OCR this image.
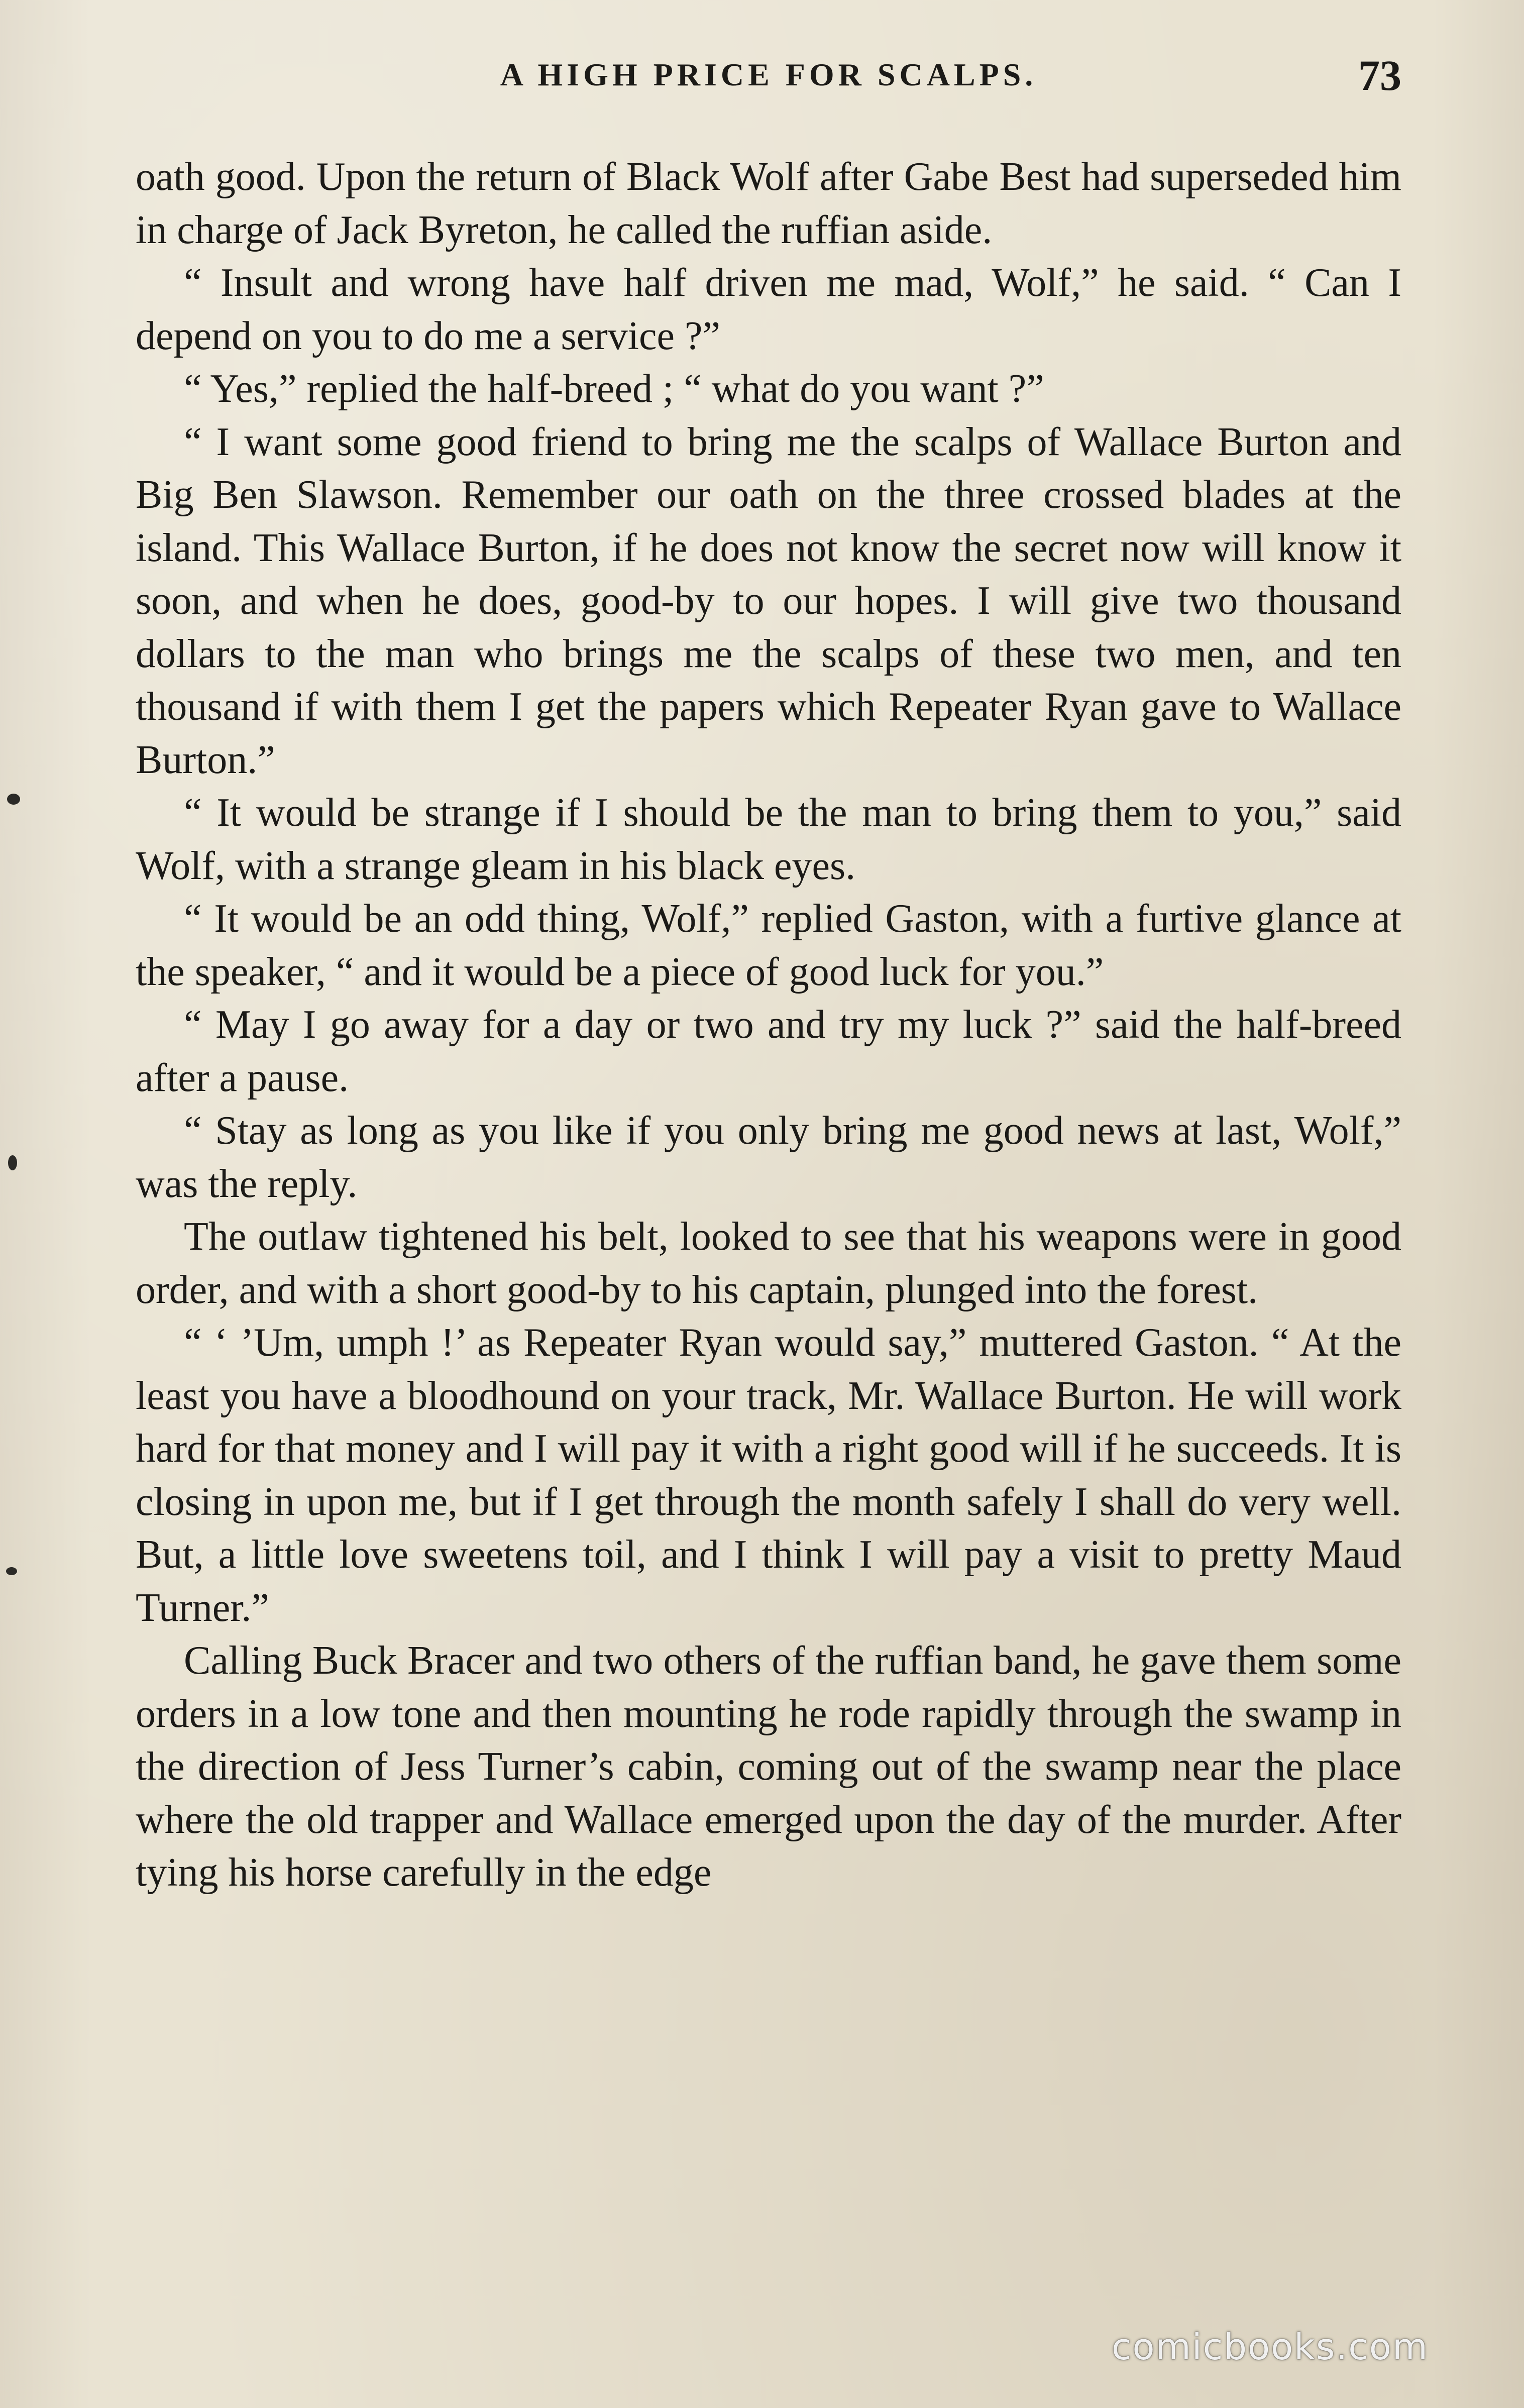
A HIGH PRICE FOR SCALPS.	73

oath good. Upon the return of Black Wolf after Gabe Best had superseded him in charge of Jack Byreton, he called the ruffian aside.

“ Insult and wrong have half driven me mad, Wolf,” he said. “ Can I depend on you to do me a service ?”

“ Yes,” replied the half-breed ; “ what do you want ?”

“ I want some good friend to bring me the scalps of Wallace Burton and Big Ben Slawson. Remember our oath on the three crossed blades at the island. This Wallace Burton, if he does not know the secret now will know it soon, and when he does, good-by to our hopes. I will give two thousand dollars to the man who brings me the scalps of these two men, and ten thousand if with them I get the papers which Repeater Ryan gave to Wallace Burton.”

“ It would be strange if I should be the man to bring them to you,” said Wolf, with a strange gleam in his black eyes.

“ It would be an odd thing, Wolf,” replied Gaston, with a furtive glance at the speaker, “ and it would be a piece of good luck for you.”

“ May I go away for a day or two and try my luck ?” said the half-breed after a pause.

“ Stay as long as you like if you only bring me good news at last, Wolf,” was the reply.

The outlaw tightened his belt, looked to see that his weapons were in good order, and with a short good-by to his captain, plunged into the forest.

“ ‘ ’Um, umph !’ as Repeater Ryan would say,” muttered Gaston. “ At the least you have a bloodhound on your track, Mr. Wallace Burton. He will work hard for that money and I will pay it with a right good will if he succeeds. It is closing in upon me, but if I get through the month safely I shall do very well. But, a little love sweetens toil, and I think I will pay a visit to pretty Maud Turner.”

Calling Buck Bracer and two others of the ruffian band, he gave them some orders in a low tone and then mounting he rode rapidly through the swamp in the direction of Jess Turner’s cabin, coming out of the swamp near the place where the old trapper and Wallace emerged upon the day of the murder. After tying his horse carefully in the edge

comicbooks.com
